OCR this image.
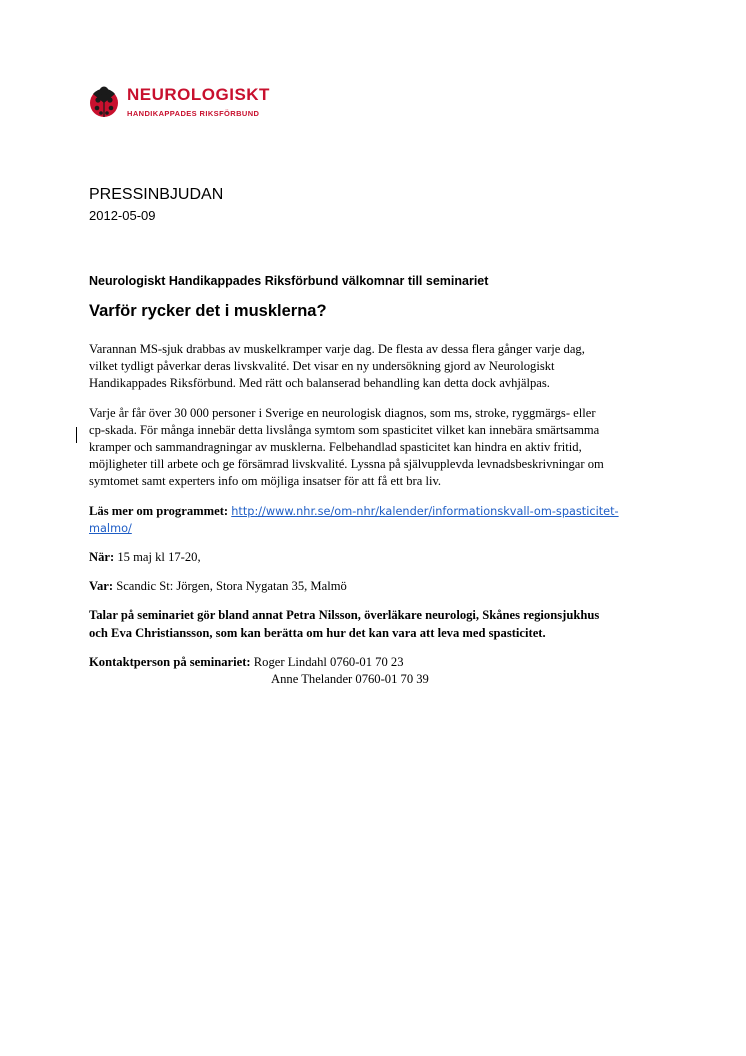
NEUROLOGISKT
HANDIKAPPADES RIKSFÖRBUND
PRESSINBJUDAN
2012-05-09
Neurologiskt Handikappades Riksförbund välkomnar till seminariet
Varför rycker det i musklerna?

Varannan MS-sjuk drabbas av muskelkramper varje dag. De flesta av dessa flera gånger varje dag,
vilket tydligt påverkar deras livskvalité. Det visar en ny undersökning gjord av Neurologiskt
Handikappades Riksförbund. Med rätt och balanserad behandling kan detta dock avhjälpas.

Varje år får över 30 000 personer i Sverige en neurologisk diagnos, som ms, stroke, ryggmärgs- eller
cp-skada. För många innebär detta livslånga symtom som spasticitet vilket kan innebära smärtsamma
kramper och sammandragningar av musklerna. Felbehandlad spasticitet kan hindra en aktiv fritid,
möjligheter till arbete och ge försämrad livskvalité. Lyssna på självupplevda levnadsbeskrivningar om
symtomet samt experters info om möjliga insatser för att få ett bra liv.

Läs mer om programmet: http://www.nhr.se/om-nhr/kalender/informationskvall-om-spasticitet-
malmo/

När: 15 maj kl 17-20,

Var: Scandic St: Jörgen, Stora Nygatan 35, Malmö

Talar på seminariet gör bland annat Petra Nilsson, överläkare neurologi, Skånes regionsjukhus
och Eva Christiansson, som kan berätta om hur det kan vara att leva med spasticitet.

Kontaktperson på seminariet: Roger Lindahl 0760-01 70 23
Anne Thelander 0760-01 70 39
